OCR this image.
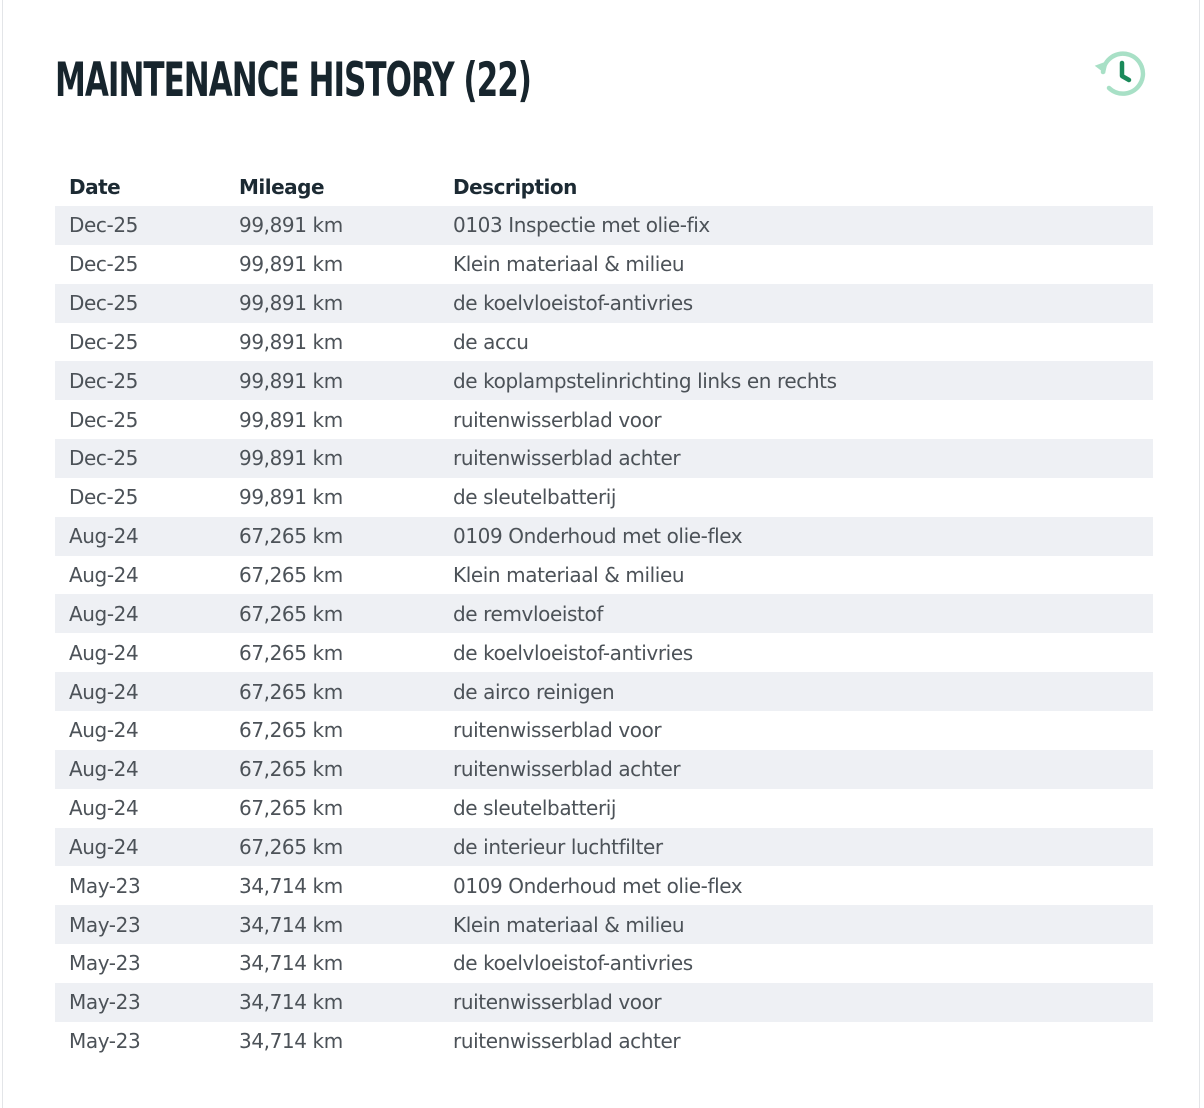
MAINTENANCE HISTORY (22)
Date	Mileage	Description
Dec-25	99,891 km	0103 Inspectie met olie-fix
Dec-25	99,891 km	Klein materiaal & milieu
Dec-25	99,891 km	de koelvloeistof-antivries
Dec-25	99,891 km	de accu
Dec-25	99,891 km	de koplampstelinrichting links en rechts
Dec-25	99,891 km	ruitenwisserblad voor
Dec-25	99,891 km	ruitenwisserblad achter
Dec-25	99,891 km	de sleutelbatterij
Aug-24	67,265 km	0109 Onderhoud met olie-flex
Aug-24	67,265 km	Klein materiaal & milieu
Aug-24	67,265 km	de remvloeistof
Aug-24	67,265 km	de koelvloeistof-antivries
Aug-24	67,265 km	de airco reinigen
Aug-24	67,265 km	ruitenwisserblad voor
Aug-24	67,265 km	ruitenwisserblad achter
Aug-24	67,265 km	de sleutelbatterij
Aug-24	67,265 km	de interieur luchtfilter
May-23	34,714 km	0109 Onderhoud met olie-flex
May-23	34,714 km	Klein materiaal & milieu
May-23	34,714 km	de koelvloeistof-antivries
May-23	34,714 km	ruitenwisserblad voor
May-23	34,714 km	ruitenwisserblad achter
